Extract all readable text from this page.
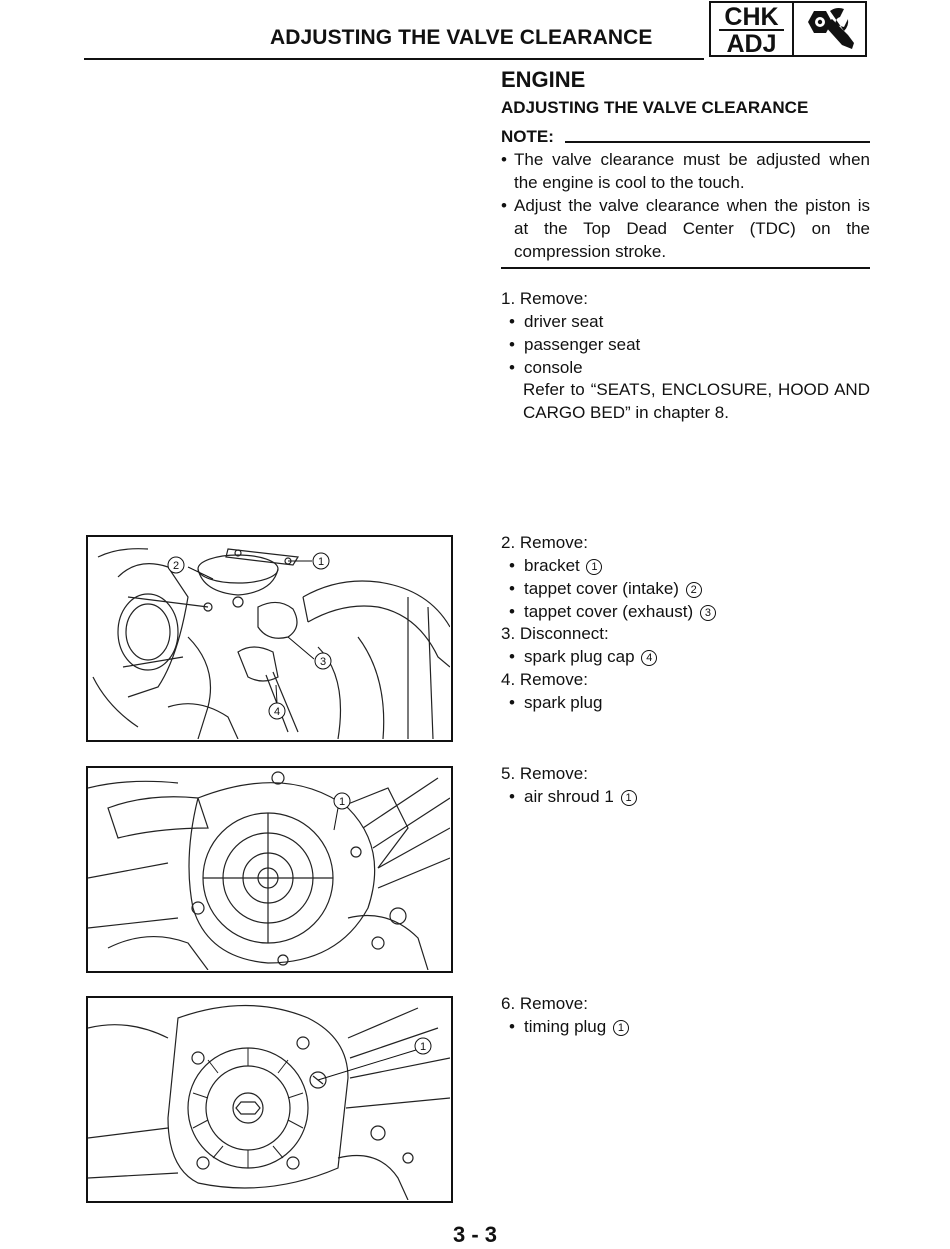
ADJUSTING THE VALVE CLEARANCE
CHK
ADJ
ENGINE
ADJUSTING THE VALVE CLEARANCE
NOTE:
• The valve clearance must be adjusted when the engine is cool to the touch.
• Adjust the valve clearance when the piston is at the Top Dead Center (TDC) on the compression stroke.
1. Remove:
• driver seat
• passenger seat
• console
Refer to “SEATS, ENCLOSURE, HOOD AND CARGO BED” in chapter 8.
2. Remove:
• bracket 1
• tappet cover (intake) 2
• tappet cover (exhaust) 3
3. Disconnect:
• spark plug cap 4
4. Remove:
• spark plug
5. Remove:
• air shroud 1 1
6. Remove:
• timing plug 1
1
2
3
4
1
1
3 - 3
